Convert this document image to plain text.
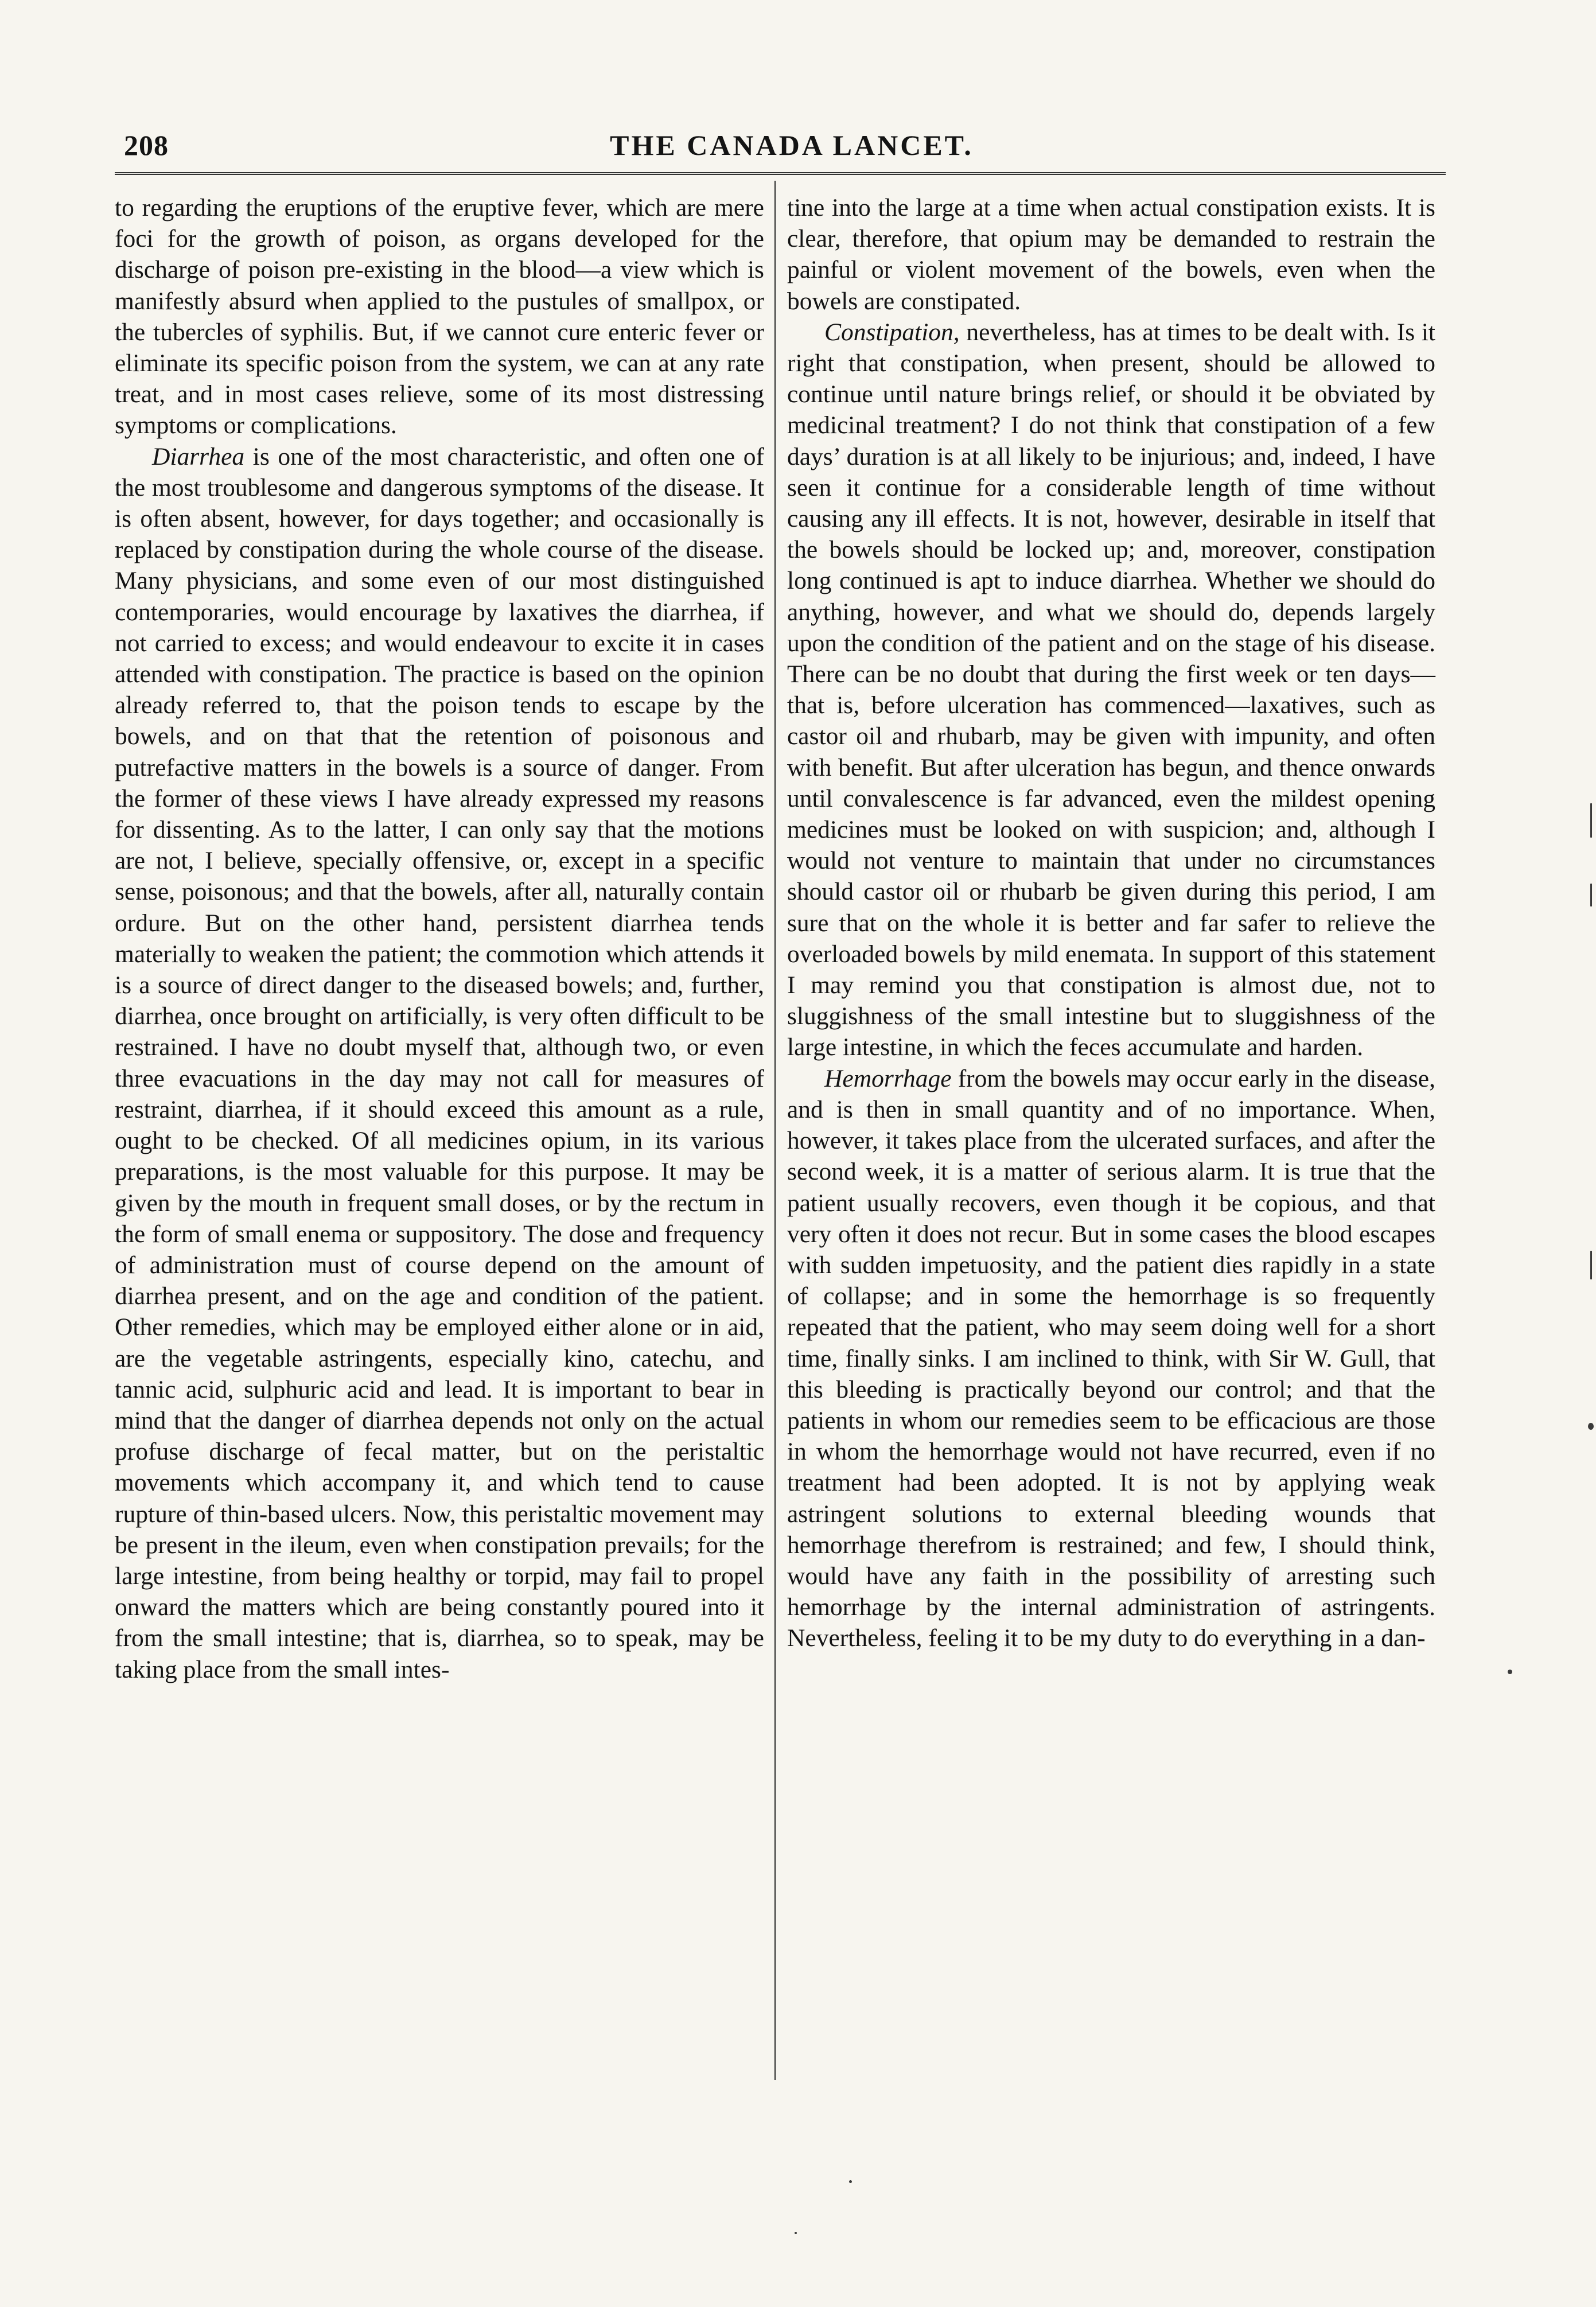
208	THE CANADA LANCET.

to regarding the eruptions of the eruptive fever, which are mere foci for the growth of poison, as organs developed for the discharge of poison pre-existing in the blood—a view which is manifestly absurd when applied to the pustules of smallpox, or the tubercles of syphilis. But, if we cannot cure enteric fever or eliminate its specific poison from the system, we can at any rate treat, and in most cases relieve, some of its most distressing symptoms or complications.

Diarrhea is one of the most characteristic, and often one of the most troublesome and dangerous symptoms of the disease. It is often absent, however, for days together; and occasionally is replaced by constipation during the whole course of the disease. Many physicians, and some even of our most distinguished contemporaries, would encourage by laxatives the diarrhea, if not carried to excess; and would endeavour to excite it in cases attended with constipation. The practice is based on the opinion already referred to, that the poison tends to escape by the bowels, and on that that the retention of poisonous and putrefactive matters in the bowels is a source of danger. From the former of these views I have already expressed my reasons for dissenting. As to the latter, I can only say that the motions are not, I believe, specially offensive, or, except in a specific sense, poisonous; and that the bowels, after all, naturally contain ordure. But on the other hand, persistent diarrhea tends materially to weaken the patient; the commotion which attends it is a source of direct danger to the diseased bowels; and, further, diarrhea, once brought on artificially, is very often difficult to be restrained. I have no doubt myself that, although two, or even three evacuations in the day may not call for measures of restraint, diarrhea, if it should exceed this amount as a rule, ought to be checked. Of all medicines opium, in its various preparations, is the most valuable for this purpose. It may be given by the mouth in frequent small doses, or by the rectum in the form of small enema or suppository. The dose and frequency of administration must of course depend on the amount of diarrhea present, and on the age and condition of the patient. Other remedies, which may be employed either alone or in aid, are the vegetable astringents, especially kino, catechu, and tannic acid, sulphuric acid and lead. It is important to bear in mind that the danger of diarrhea depends not only on the actual profuse discharge of fecal matter, but on the peristaltic movements which accompany it, and which tend to cause rupture of thin-based ulcers. Now, this peristaltic movement may be present in the ileum, even when constipation prevails; for the large intestine, from being healthy or torpid, may fail to propel onward the matters which are being constantly poured into it from the small intestine; that is, diarrhea, so to speak, may be taking place from the small intes-

tine into the large at a time when actual constipation exists. It is clear, therefore, that opium may be demanded to restrain the painful or violent movement of the bowels, even when the bowels are constipated.

Constipation, nevertheless, has at times to be dealt with. Is it right that constipation, when present, should be allowed to continue until nature brings relief, or should it be obviated by medicinal treatment? I do not think that constipation of a few days’ duration is at all likely to be injurious; and, indeed, I have seen it continue for a considerable length of time without causing any ill effects. It is not, however, desirable in itself that the bowels should be locked up; and, moreover, constipation long continued is apt to induce diarrhea. Whether we should do anything, however, and what we should do, depends largely upon the condition of the patient and on the stage of his disease. There can be no doubt that during the first week or ten days—that is, before ulceration has commenced—laxatives, such as castor oil and rhubarb, may be given with impunity, and often with benefit. But after ulceration has begun, and thence onwards until convalescence is far advanced, even the mildest opening medicines must be looked on with suspicion; and, although I would not venture to maintain that under no circumstances should castor oil or rhubarb be given during this period, I am sure that on the whole it is better and far safer to relieve the overloaded bowels by mild enemata. In support of this statement I may remind you that constipation is almost due, not to sluggishness of the small intestine but to sluggishness of the large intestine, in which the feces accumulate and harden.

Hemorrhage from the bowels may occur early in the disease, and is then in small quantity and of no importance. When, however, it takes place from the ulcerated surfaces, and after the second week, it is a matter of serious alarm. It is true that the patient usually recovers, even though it be copious, and that very often it does not recur. But in some cases the blood escapes with sudden impetuosity, and the patient dies rapidly in a state of collapse; and in some the hemorrhage is so frequently repeated that the patient, who may seem doing well for a short time, finally sinks. I am inclined to think, with Sir W. Gull, that this bleeding is practically beyond our control; and that the patients in whom our remedies seem to be efficacious are those in whom the hemorrhage would not have recurred, even if no treatment had been adopted. It is not by applying weak astringent solutions to external bleeding wounds that hemorrhage therefrom is restrained; and few, I should think, would have any faith in the possibility of arresting such hemorrhage by the internal administration of astringents. Nevertheless, feeling it to be my duty to do everything in a dan-
